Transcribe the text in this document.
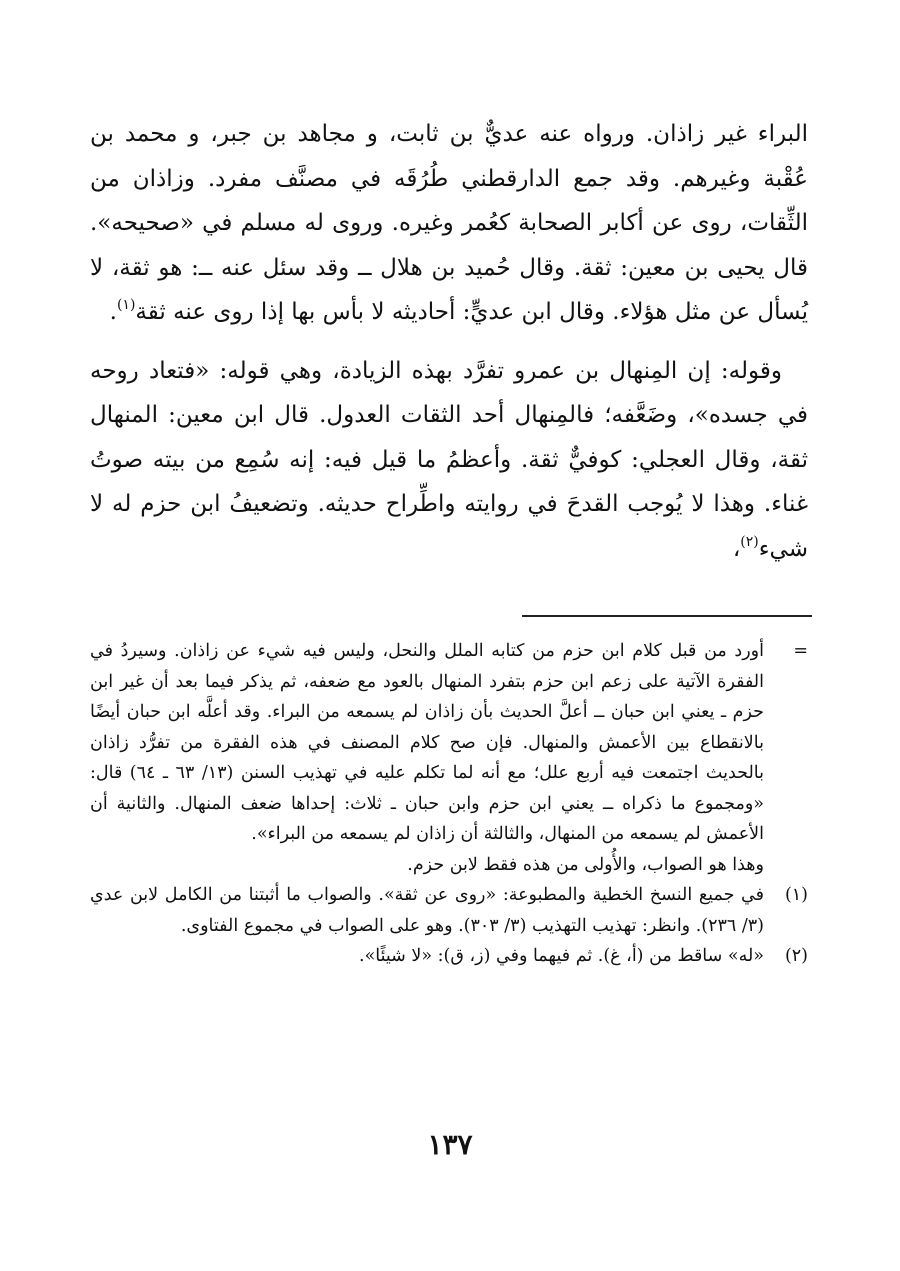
البراء غير زاذان. ورواه عنه عديٌّ بن ثابت، و مجاهد بن جبر، و محمد بن عُقْبة وغيرهم. وقد جمع الدارقطني طُرُقَه في مصنَّف مفرد. وزاذان من الثِّقات، روى عن أكابر الصحابة كعُمر وغيره. وروى له مسلم في «صحيحه». قال يحيى بن معين: ثقة. وقال حُميد بن هلال ــ وقد سئل عنه ــ: هو ثقة، لا يُسأل عن مثل هؤلاء. وقال ابن عديٍّ: أحاديثه لا بأس بها إذا روى عنه ثقة$^{(١)}$.

وقوله: إن المِنهال بن عمرو تفرَّد بهذه الزيادة، وهي قوله: «فتعاد روحه في جسده»، وضَعَّفه؛ فالمِنهال أحد الثقات العدول. قال ابن معين: المنهال ثقة، وقال العجلي: كوفيٌّ ثقة. وأعظمُ ما قيل فيه: إنه سُمِع من بيته صوتُ غناء. وهذا لا يُوجب القدحَ في روايته واطِّراح حديثه. وتضعيفُ ابن حزم له لا شيء$^{(٢)}$،

=

أورد من قبل كلام ابن حزم من كتابه الملل والنحل، وليس فيه شيء عن زاذان. وسيردُ في الفقرة الآتية على زعم ابن حزم بتفرد المنهال بالعود مع ضعفه، ثم يذكر فيما بعد أن غير ابن حزم ـ يعني ابن حبان ــ أعلَّ الحديث بأن زاذان لم يسمعه من البراء. وقد أعلَّه ابن حبان أيضًا بالانقطاع بين الأعمش والمنهال. فإن صح كلام المصنف في هذه الفقرة من تفرُّد زاذان بالحديث اجتمعت فيه أربع علل؛ مع أنه لما تكلم عليه في تهذيب السنن (١٣/ ٦٣ ـ ٦٤) قال: «ومجموع ما ذكراه ــ يعني ابن حزم وابن حبان ـ ثلاث: إحداها ضعف المنهال. والثانية أن الأعمش لم يسمعه من المنهال، والثالثة أن زاذان لم يسمعه من البراء».

وهذا هو الصواب، والأُولى من هذه فقط لابن حزم.

(١)

في جميع النسخ الخطية والمطبوعة: «روى عن ثقة». والصواب ما أثبتنا من الكامل لابن عدي (٣/ ٢٣٦). وانظر: تهذيب التهذيب (٣/ ٣٠٣). وهو على الصواب في مجموع الفتاوى.

(٢)

«له» ساقط من (أ، غ). ثم فيهما وفي (ز، ق): «لا شيئًا».

١٣٧
